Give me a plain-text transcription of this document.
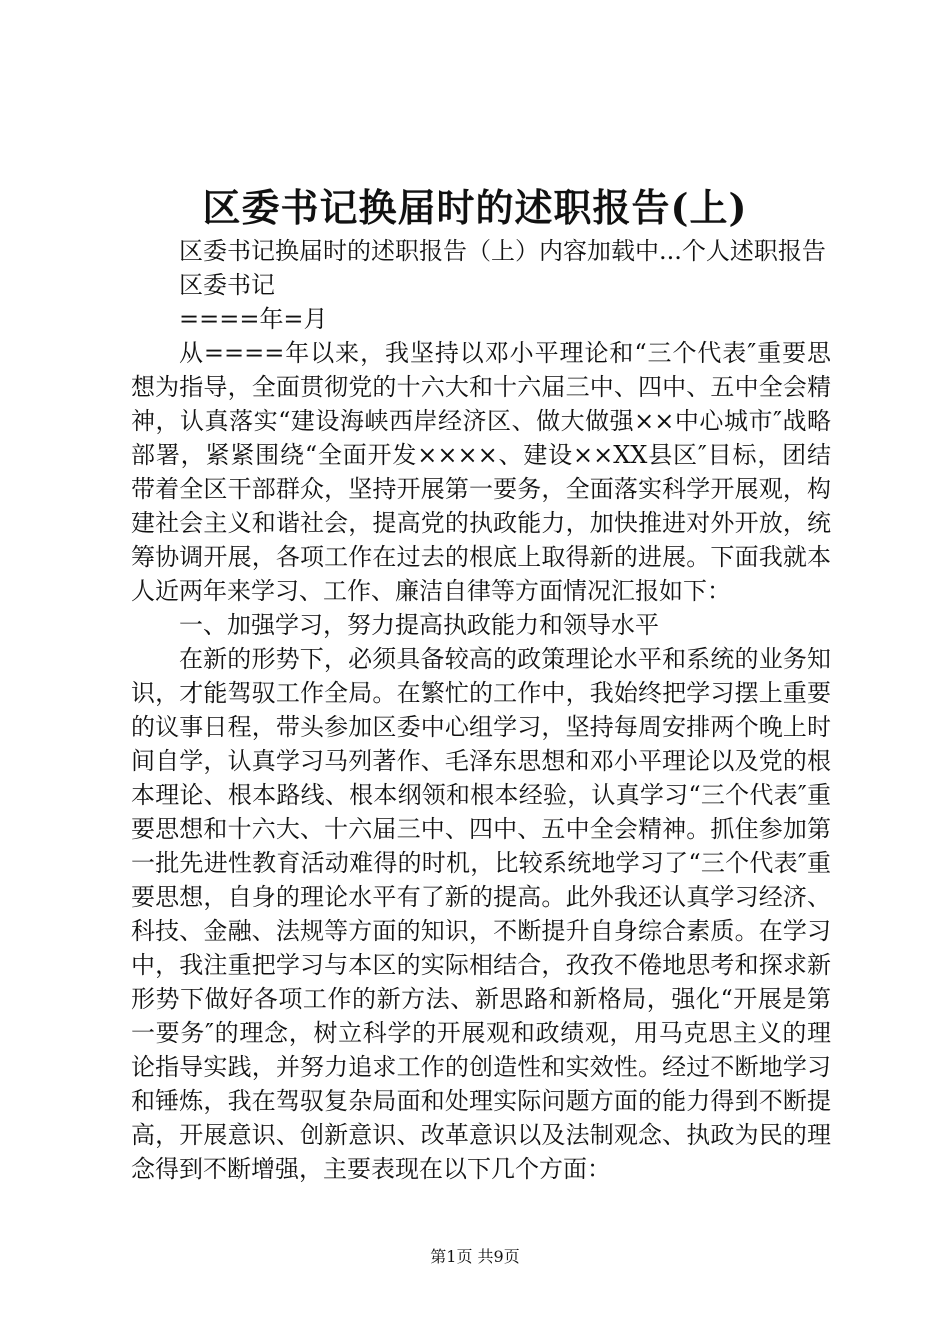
区委书记换届时的述职报告(上)

区委书记换届时的述职报告（上）内容加载中...个人述职报告

区委书记

====年=月

从====年以来，我坚持以邓小平理论和“三个代表″重要思想为指导，全面贯彻党的十六大和十六届三中、四中、五中全会精神，认真落实“建设海峡西岸经济区、做大做强××中心城市″战略部署，紧紧围绕“全面开发××××、建设××XX县区″目标，团结带着全区干部群众，坚持开展第一要务，全面落实科学开展观，构建社会主义和谐社会，提高党的执政能力，加快推进对外开放，统筹协调开展，各项工作在过去的根底上取得新的进展。下面我就本人近两年来学习、工作、廉洁自律等方面情况汇报如下：

一、加强学习，努力提高执政能力和领导水平

在新的形势下，必须具备较高的政策理论水平和系统的业务知识，才能驾驭工作全局。在繁忙的工作中，我始终把学习摆上重要的议事日程，带头参加区委中心组学习，坚持每周安排两个晚上时间自学，认真学习马列著作、毛泽东思想和邓小平理论以及党的根本理论、根本路线、根本纲领和根本经验，认真学习“三个代表″重要思想和十六大、十六届三中、四中、五中全会精神。抓住参加第一批先进性教育活动难得的时机，比较系统地学习了“三个代表″重要思想，自身的理论水平有了新的提高。此外我还认真学习经济、科技、金融、法规等方面的知识，不断提升自身综合素质。在学习中，我注重把学习与本区的实际相结合，孜孜不倦地思考和探求新形势下做好各项工作的新方法、新思路和新格局，强化“开展是第一要务″的理念，树立科学的开展观和政绩观，用马克思主义的理论指导实践，并努力追求工作的创造性和实效性。经过不断地学习和锤炼，我在驾驭复杂局面和处理实际问题方面的能力得到不断提高，开展意识、创新意识、改革意识以及法制观念、执政为民的理念得到不断增强，主要表现在以下几个方面：

第1页 共9页
